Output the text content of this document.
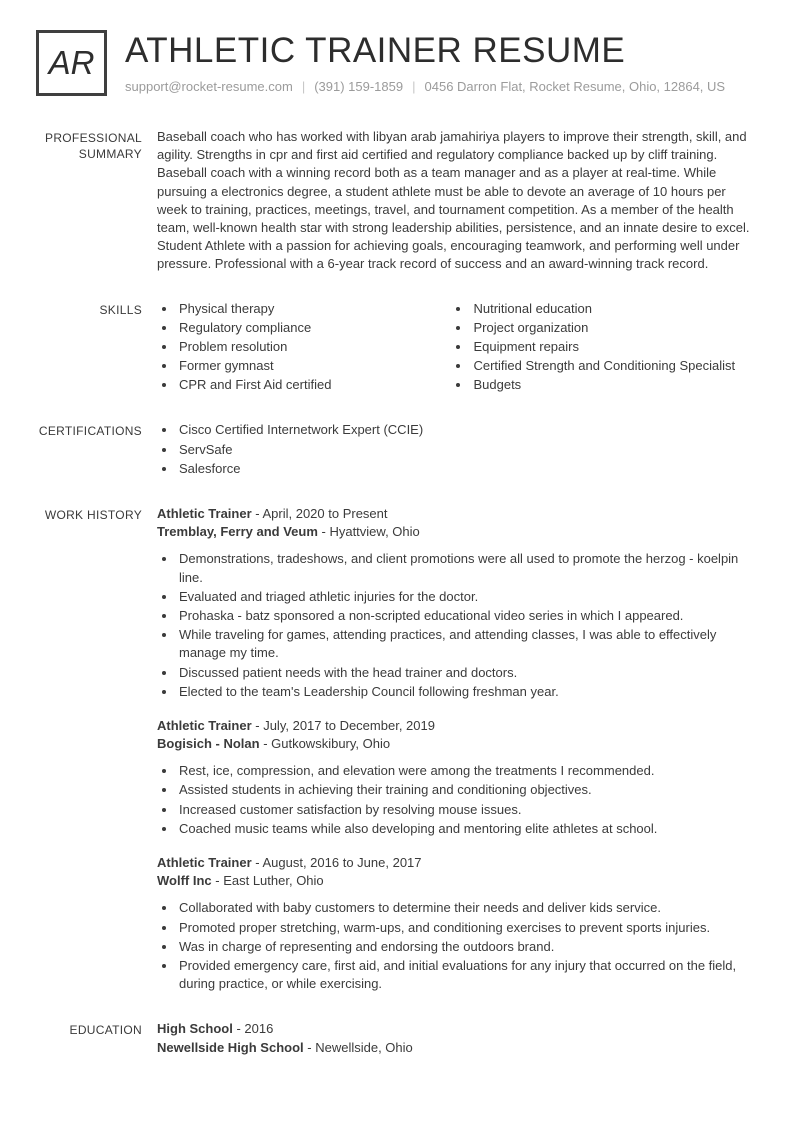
AR ATHLETIC TRAINER RESUME
support@rocket-resume.com | (391) 159-1859 | 0456 Darron Flat, Rocket Resume, Ohio, 12864, US
PROFESSIONAL SUMMARY
Baseball coach who has worked with libyan arab jamahiriya players to improve their strength, skill, and agility. Strengths in cpr and first aid certified and regulatory compliance backed up by cliff training. Baseball coach with a winning record both as a team manager and as a player at real-time. While pursuing a electronics degree, a student athlete must be able to devote an average of 10 hours per week to training, practices, meetings, travel, and tournament competition. As a member of the health team, well-known health star with strong leadership abilities, persistence, and an innate desire to excel. Student Athlete with a passion for achieving goals, encouraging teamwork, and performing well under pressure. Professional with a 6-year track record of success and an award-winning track record.
SKILLS	• Physical therapy
• Regulatory compliance
• Problem resolution
• Former gymnast
• CPR and First Aid certified
• Nutritional education
• Project organization
• Equipment repairs
• Certified Strength and Conditioning Specialist
• Budgets
CERTIFICATIONS	• Cisco Certified Internetwork Expert (CCIE)
• ServSafe
• Salesforce
WORK HISTORY Athletic Trainer - April, 2020 to Present
Tremblay, Ferry and Veum - Hyattview, Ohio
• Demonstrations, tradeshows, and client promotions were all used to promote the herzog - koelpin line.
• Evaluated and triaged athletic injuries for the doctor.
• Prohaska - batz sponsored a non-scripted educational video series in which I appeared.
• While traveling for games, attending practices, and attending classes, I was able to effectively manage my time.
• Discussed patient needs with the head trainer and doctors.
• Elected to the team's Leadership Council following freshman year.
Athletic Trainer - July, 2017 to December, 2019
Bogisich - Nolan - Gutkowskibury, Ohio
• Rest, ice, compression, and elevation were among the treatments I recommended.
• Assisted students in achieving their training and conditioning objectives.
• Increased customer satisfaction by resolving mouse issues.
• Coached music teams while also developing and mentoring elite athletes at school.
Athletic Trainer - August, 2016 to June, 2017
Wolff Inc - East Luther, Ohio
• Collaborated with baby customers to determine their needs and deliver kids service.
• Promoted proper stretching, warm-ups, and conditioning exercises to prevent sports injuries.
• Was in charge of representing and endorsing the outdoors brand.
• Provided emergency care, first aid, and initial evaluations for any injury that occurred on the field, during practice, or while exercising.
EDUCATION High School - 2016
Newellside High School - Newellside, Ohio
